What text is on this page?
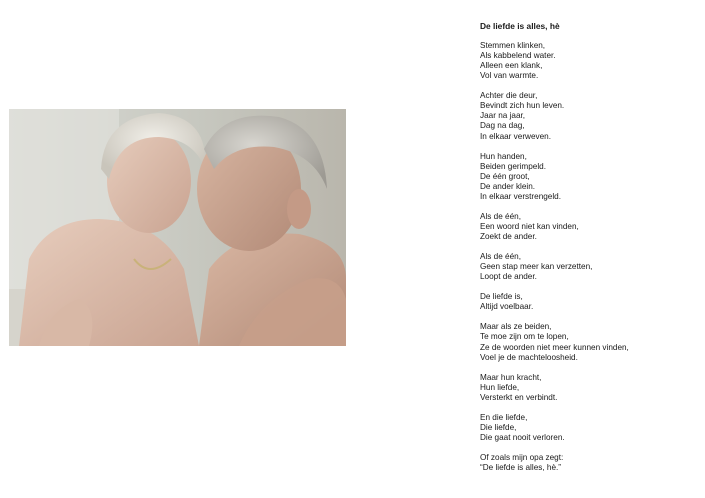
De liefde is alles, hè
Stemmen klinken,
Als kabbelend water.
Alleen een klank,
Vol van warmte.
Achter die deur,
Bevindt zich hun leven.
Jaar na jaar,
Dag na dag,
In elkaar verweven.
Hun handen,
Beiden gerimpeld.
De één groot,
De ander klein.
In elkaar verstrengeld.
Als de één,
Een woord niet kan vinden,
Zoekt de ander.
Als de één,
Geen stap meer kan verzetten,
Loopt de ander.
De liefde is,
Altijd voelbaar.
Maar als ze beiden,
Te moe zijn om te lopen,
Ze de woorden niet meer kunnen vinden,
Voel je de machteloosheid.
Maar hun kracht,
Hun liefde,
Versterkt en verbindt.
En die liefde,
Die liefde,
Die gaat nooit verloren.
Of zoals mijn opa zegt:
“De liefde is alles, hè.”
